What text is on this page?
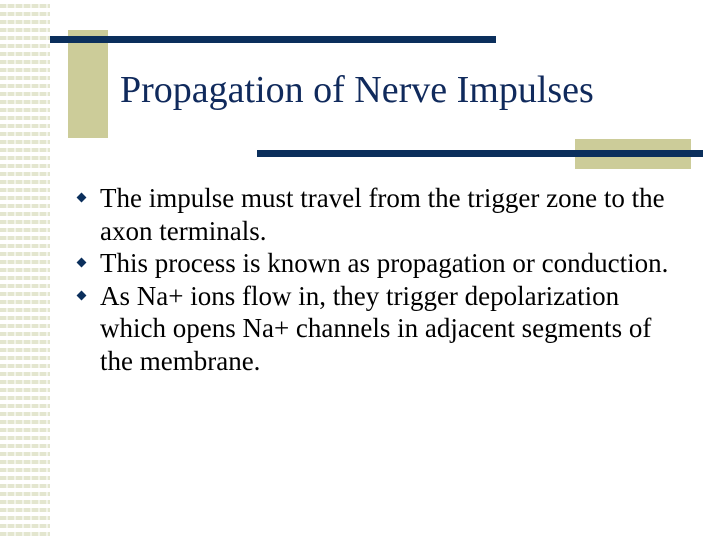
Propagation of Nerve Impulses
The impulse must travel from the trigger zone to the axon terminals.
This process is known as propagation or conduction.
As Na+ ions flow in, they trigger depolarization which opens Na+ channels in adjacent segments of the membrane.
